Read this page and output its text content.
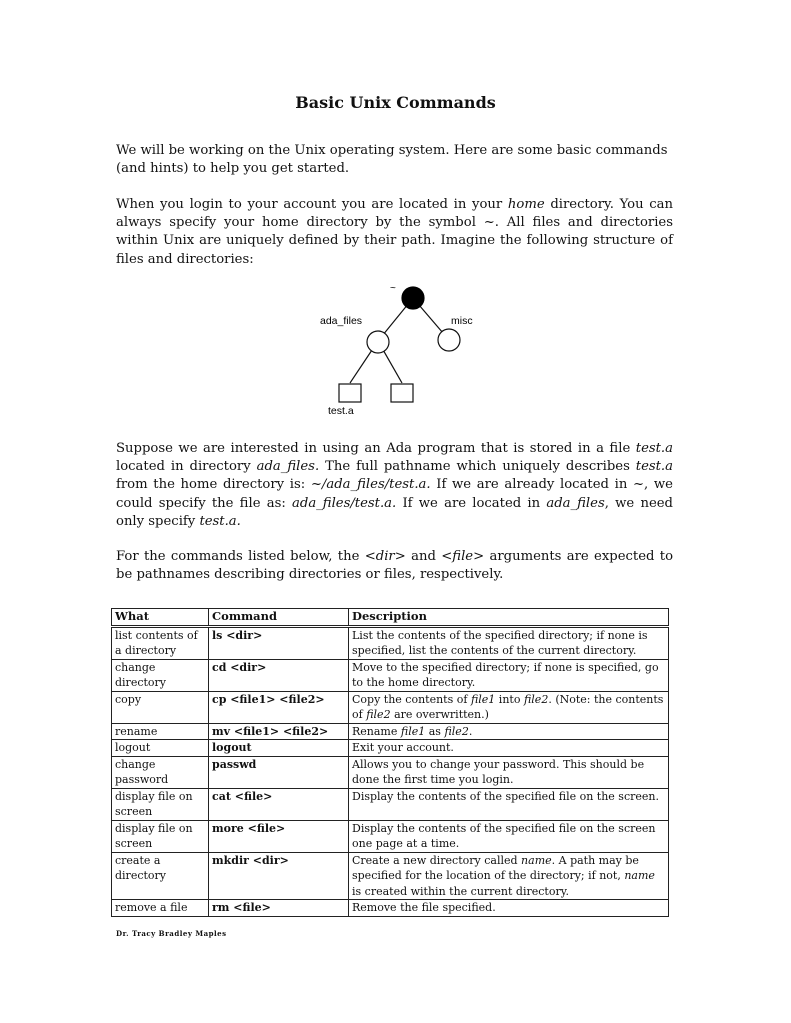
Basic Unix Commands
We will be working on the Unix operating system. Here are some basic commands (and hints) to help you get started.
When you login to your account you are located in your home directory. You can always specify your home directory by the symbol ~. All files and directories within Unix are uniquely defined by their path. Imagine the following structure of files and directories:
~
ada_files	misc
test.a
Suppose we are interested in using an Ada program that is stored in a file test.a located in directory ada_files. The full pathname which uniquely describes test.a from the home directory is: ~/ada_files/test.a. If we are already located in ~, we could specify the file as: ada_files/test.a. If we are located in ada_files, we need only specify test.a.
For the commands listed below, the <dir> and <file> arguments are expected to be pathnames describing directories or files, respectively.
What	Command	Description
list contents of a directory	ls <dir>	List the contents of the specified directory; if none is specified, list the contents of the current directory.
change directory	cd <dir>	Move to the specified directory; if none is specified, go to the home directory.
copy	cp <file1> <file2>	Copy the contents of file1 into file2. (Note: the contents of file2 are overwritten.)
rename	mv <file1> <file2>	Rename file1 as file2.
logout	logout	Exit your account.
change password	passwd	Allows you to change your password. This should be done the first time you login.
display file on screen	cat <file>	Display the contents of the specified file on the screen.
display file on screen	more <file>	Display the contents of the specified file on the screen one page at a time.
create a directory	mkdir <dir>	Create a new directory called name. A path may be specified for the location of the directory; if not, name is created within the current directory.
remove a file	rm <file>	Remove the file specified.
Dr. Tracy Bradley Maples
